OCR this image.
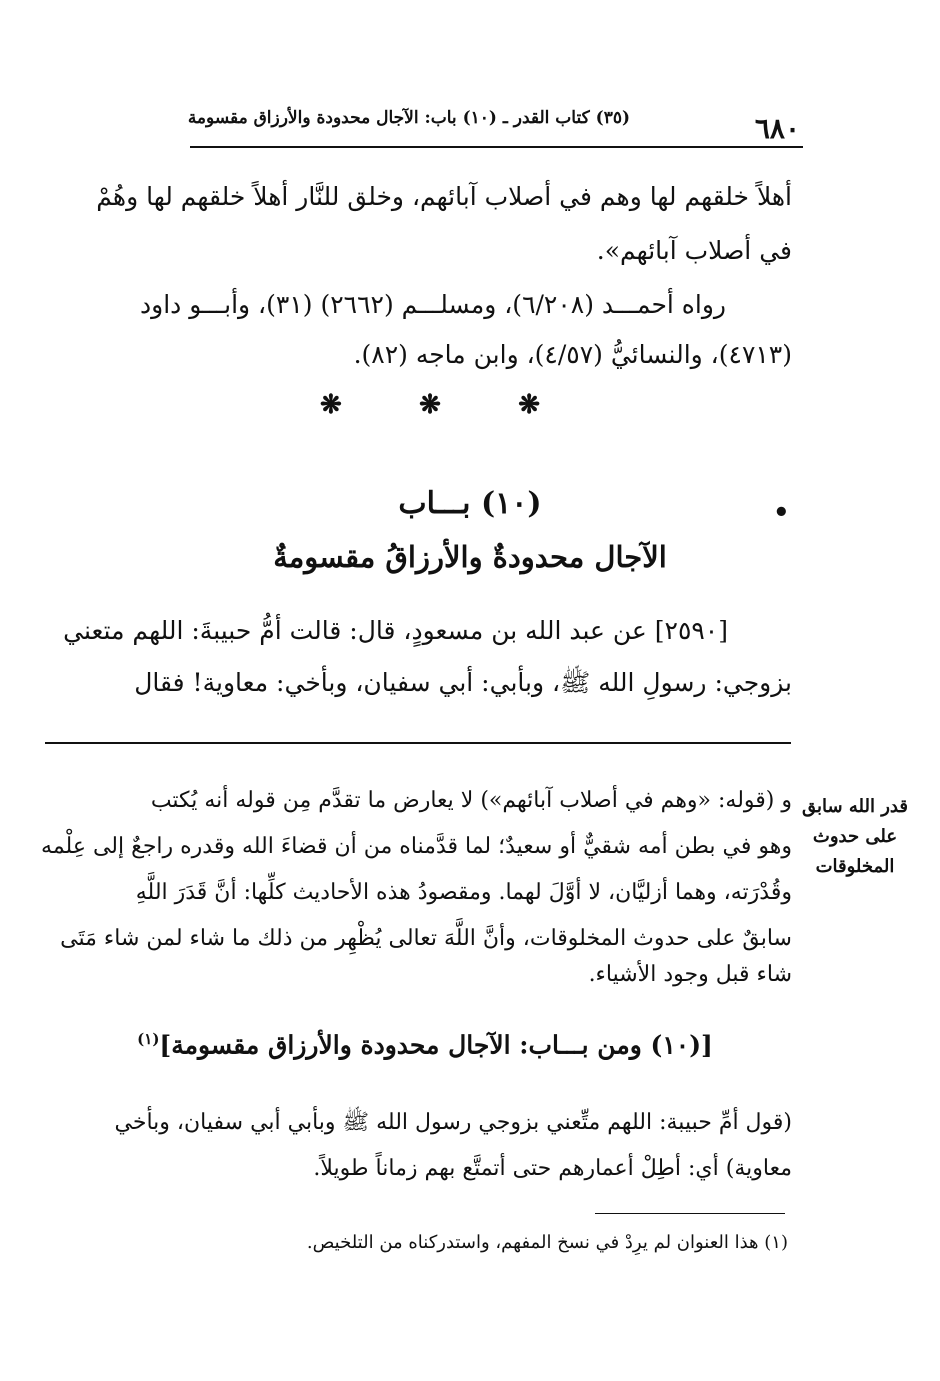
٦٨٠
(٣٥) كتاب القدر ـ (١٠) باب: الآجال محدودة والأرزاق مقسومة
أهلاً خلقهم لها وهم في أصلاب آبائهم، وخلق للنَّار أهلاً خلقهم لها وهُمْ
في أصلاب آبائهم».
رواه أحمـــد (٦/٢٠٨)، ومسلـــم (٢٦٦٢) (٣١)، وأبـــو داود
(٤٧١٣)، والنسائيُّ (٤/٥٧)، وابن ماجه (٨٢).
❋	❋	❋
(١٠) بـــاب	•
الآجال محدودةٌ والأرزاقُ مقسومةٌ
[٢٥٩٠] عن عبد الله بن مسعودٍ، قال: قالت أمُّ حبيبةَ: اللهم متعني
بزوجي: رسولِ الله ﷺ، وبأبي: أبي سفيان، وبأخي: معاوية! فقال
قدر الله سابق
على حدوث
المخلوقات
و (قوله: «وهم في أصلاب آبائهم») لا يعارض ما تقدَّم مِن قوله أنه يُكتب
وهو في بطن أمه شقيٌّ أو سعيدٌ؛ لما قدَّمناه من أن قضاءَ الله وقدره راجعٌ إلى عِلْمه
وقُدْرَته، وهما أزليَّان، لا أوَّلَ لهما. ومقصودُ هذه الأحاديث كلِّها: أنَّ قَدَرَ اللَّهِ
سابقٌ على حدوث المخلوقات، وأنَّ اللَّهَ تعالى يُظْهِر من ذلك ما شاء لمن شاء مَتَى
شاء قبل وجود الأشياء.
[(١٠) ومن بـــاب: الآجال محدودة والأرزاق مقسومة]$^{(١)}$
(قول أمِّ حبيبة: اللهم متِّعني بزوجي رسول الله ﷺ وبأبي أبي سفيان، وبأخي
معاوية) أي: أطِلْ أعمارهم حتى أتمتَّع بهم زماناً طويلاً.
(١) هذا العنوان لم يرِدْ في نسخ المفهم، واستدركناه من التلخيص.
